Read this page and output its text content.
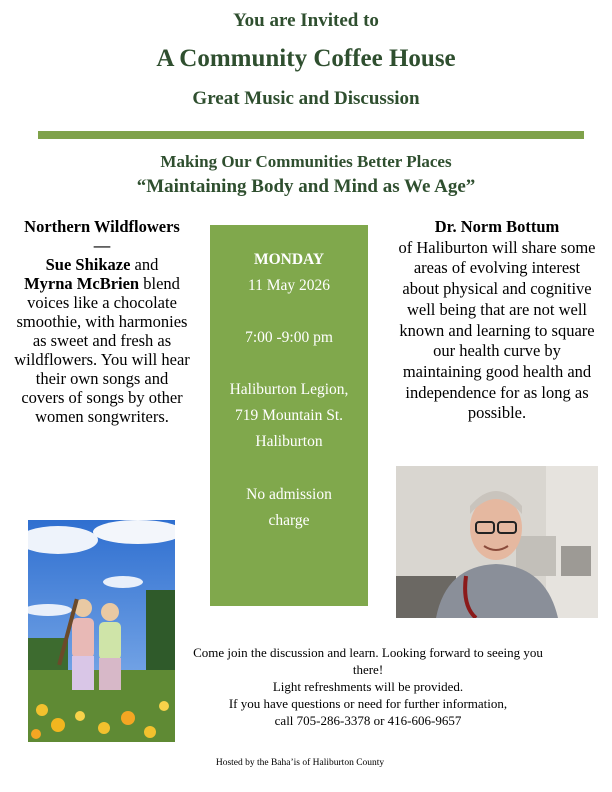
You are Invited to
A Community Coffee House
Great Music and Discussion
Making Our Communities Better Places
“Maintaining Body and Mind as We Age”
Northern Wildflowers —
Sue Shikaze and
Myrna McBrien blend voices like a chocolate smoothie, with harmonies as sweet and fresh as wildflowers. You will hear their own songs and covers of songs by other women songwriters.
MONDAY
11 May 2026
7:00 -9:00 pm
Haliburton Legion,
719 Mountain St.
Haliburton
No admission
charge
Dr. Norm Bottum
of Haliburton will share some areas of evolving interest about physical and cognitive well being that are not well known and learning to square our health curve by maintaining good health and independence for as long as possible.
Come join the discussion and learn. Looking forward to seeing you there!
Light refreshments will be provided.
If you have questions or need for further information,
call 705-286-3378 or 416-606-9657
Hosted by the Baha’is of Haliburton County
